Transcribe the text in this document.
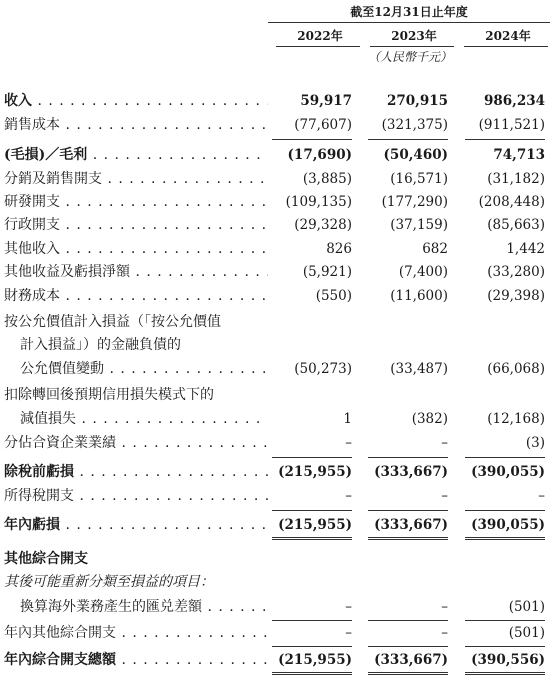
截至12月31日止年度
2022年	2023年	2024年
（人民幣千元）
收入 . . .	59,917	270,915	986,234
銷售成本 . . .	(77,607)	(321,375)	(911,521)
(毛損)／毛利 . . .	(17,690)	(50,460)	74,713
分銷及銷售開支 . . .	(3,885)	(16,571)	(31,182)
研發開支 . . .	(109,135)	(177,290)	(208,448)
行政開支 . . .	(29,328)	(37,159)	(85,663)
其他收入 . . .	826	682	1,442
其他收益及虧損淨額 . . .	(5,921)	(7,400)	(33,280)
財務成本 . . .	(550)	(11,600)	(29,398)
按公允價值計入損益（「按公允價值
計入損益」）的金融負債的
公允價值變動 . . .	(50,273)	(33,487)	(66,068)
扣除轉回後預期信用損失模式下的
減值損失 . . .	1	(382)	(12,168)
分佔合資企業業績 . . .	–	–	(3)
除稅前虧損 . . .	(215,955)	(333,667)	(390,055)
所得稅開支 . . .	–	–	–
年內虧損 . . .	(215,955)	(333,667)	(390,055)
其他綜合開支
其後可能重新分類至損益的項目：
換算海外業務產生的匯兑差額 . . .	–	–	(501)
年內其他綜合開支 . . .	–	–	(501)
年內綜合開支總額 . . .	(215,955)	(333,667)	(390,556)
